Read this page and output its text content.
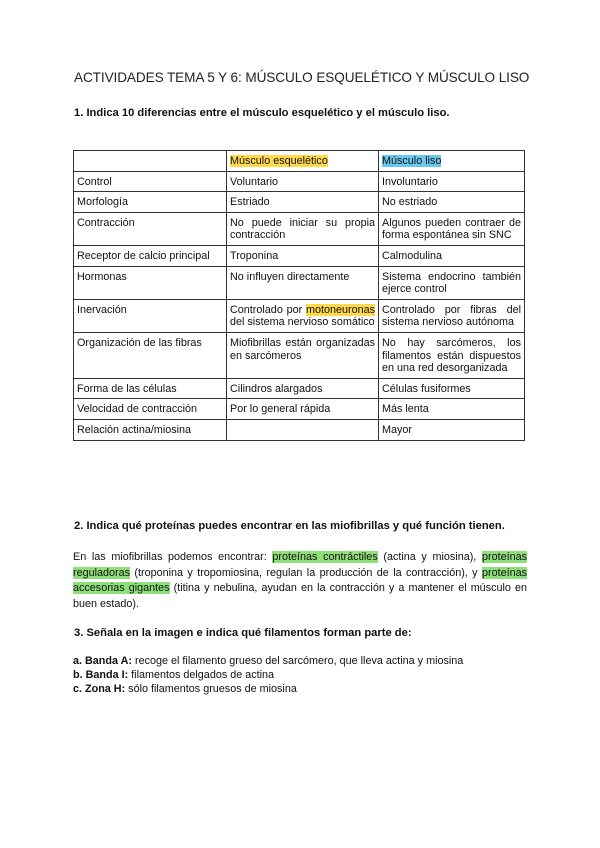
ACTIVIDADES TEMA 5 Y 6: MÚSCULO ESQUELÉTICO Y MÚSCULO LISO
1. Indica 10 diferencias entre el músculo esquelético y el músculo liso.
	Músculo esquelético	Músculo liso
Control	Voluntario	Involuntario
Morfología	Estriado	No estriado
Contracción	No puede iniciar su propia contracción	Algunos pueden contraer de forma espontánea sin SNC
Receptor de calcio principal	Troponina	Calmodulina
Hormonas	No influyen directamente	Sistema endocrino también ejerce control
Inervación	Controlado por motoneuronas del sistema nervioso somático	Controlado por fibras del sistema nervioso autónoma
Organización de las fibras	Miofibrillas están organizadas en sarcómeros	No hay sarcómeros, los filamentos están dispuestos en una red desorganizada
Forma de las células	Cilindros alargados	Células fusiformes
Velocidad de contracción	Por lo general rápida	Más lenta
Relación actina/miosina		Mayor
2. Indica qué proteínas puedes encontrar en las miofibrillas y qué función tienen.
En las miofibrillas podemos encontrar: proteínas contráctiles (actina y miosina), proteínas reguladoras (troponina y tropomiosina, regulan la producción de la contracción), y proteínas accesorias gigantes (titina y nebulina, ayudan en la contracción y a mantener el músculo en buen estado).
3. Señala en la imagen e indica qué filamentos forman parte de:
a. Banda A: recoge el filamento grueso del sarcómero, que lleva actina y miosina
b. Banda I: filamentos delgados de actina
c. Zona H: sólo filamentos gruesos de miosina
